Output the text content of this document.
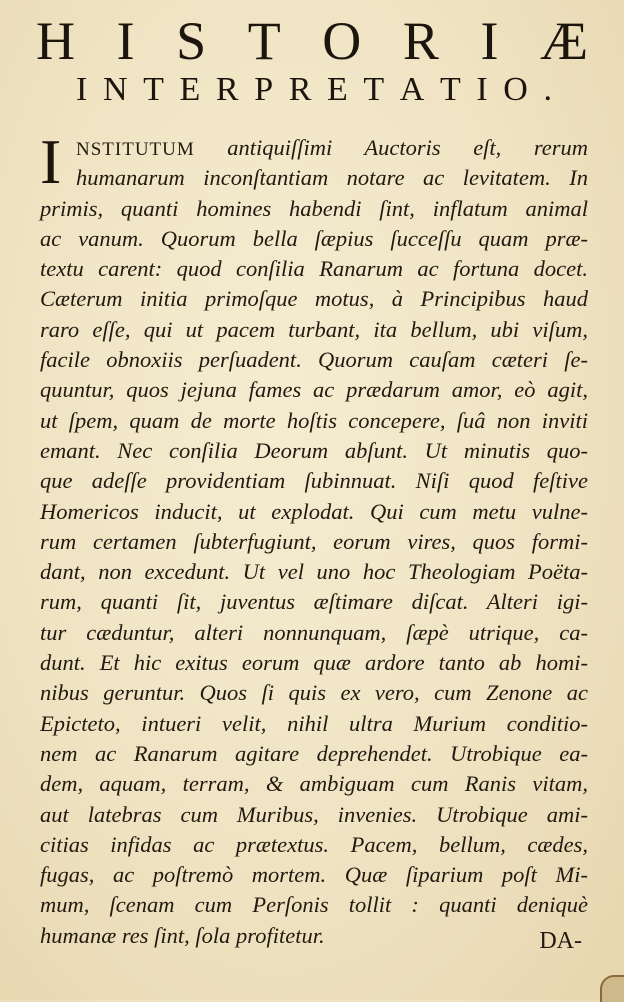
H I S T O R I Æ
I N T E R P R E T A T I O .
I NSTITUTUM antiquiſſimi Auctoris eſt, rerum
humanarum inconſtantiam notare ac levitatem. In
primis, quanti homines habendi ſint, inflatum animal
ac vanum. Quorum bella ſæpius ſucceſſu quam præ-
textu carent: quod conſilia Ranarum ac fortuna docet.
Cæterum initia primoſque motus, à Principibus haud
raro eſſe, qui ut pacem turbant, ita bellum, ubi viſum,
facile obnoxiis perſuadent. Quorum cauſam cæteri ſe-
quuntur, quos jejuna fames ac prædarum amor, eò agit,
ut ſpem, quam de morte hoſtis concepere, ſuâ non inviti
emant. Nec conſilia Deorum abſunt. Ut minutis quo-
que adeſſe providentiam ſubinnuat. Niſi quod feſtive
Homericos inducit, ut explodat. Qui cum metu vulne-
rum certamen ſubterfugiunt, eorum vires, quos formi-
dant, non excedunt. Ut vel uno hoc Theologiam Poëta-
rum, quanti ſit, juventus æſtimare diſcat. Alteri igi-
tur cæduntur, alteri nonnunquam, ſæpè utrique, ca-
dunt. Et hic exitus eorum quæ ardore tanto ab homi-
nibus geruntur. Quos ſi quis ex vero, cum Zenone ac
Epicteto, intueri velit, nihil ultra Murium conditio-
nem ac Ranarum agitare deprehendet. Utrobique ea-
dem, aquam, terram, & ambiguam cum Ranis vitam,
aut latebras cum Muribus, invenies. Utrobique ami-
citias infidas ac prætextus. Pacem, bellum, cædes,
fugas, ac poſtremò mortem. Quæ ſiparium poſt Mi-
mum, ſcenam cum Perſonis tollit : quanti deniquè
humanæ res ſint, ſola profitetur.	DA-
